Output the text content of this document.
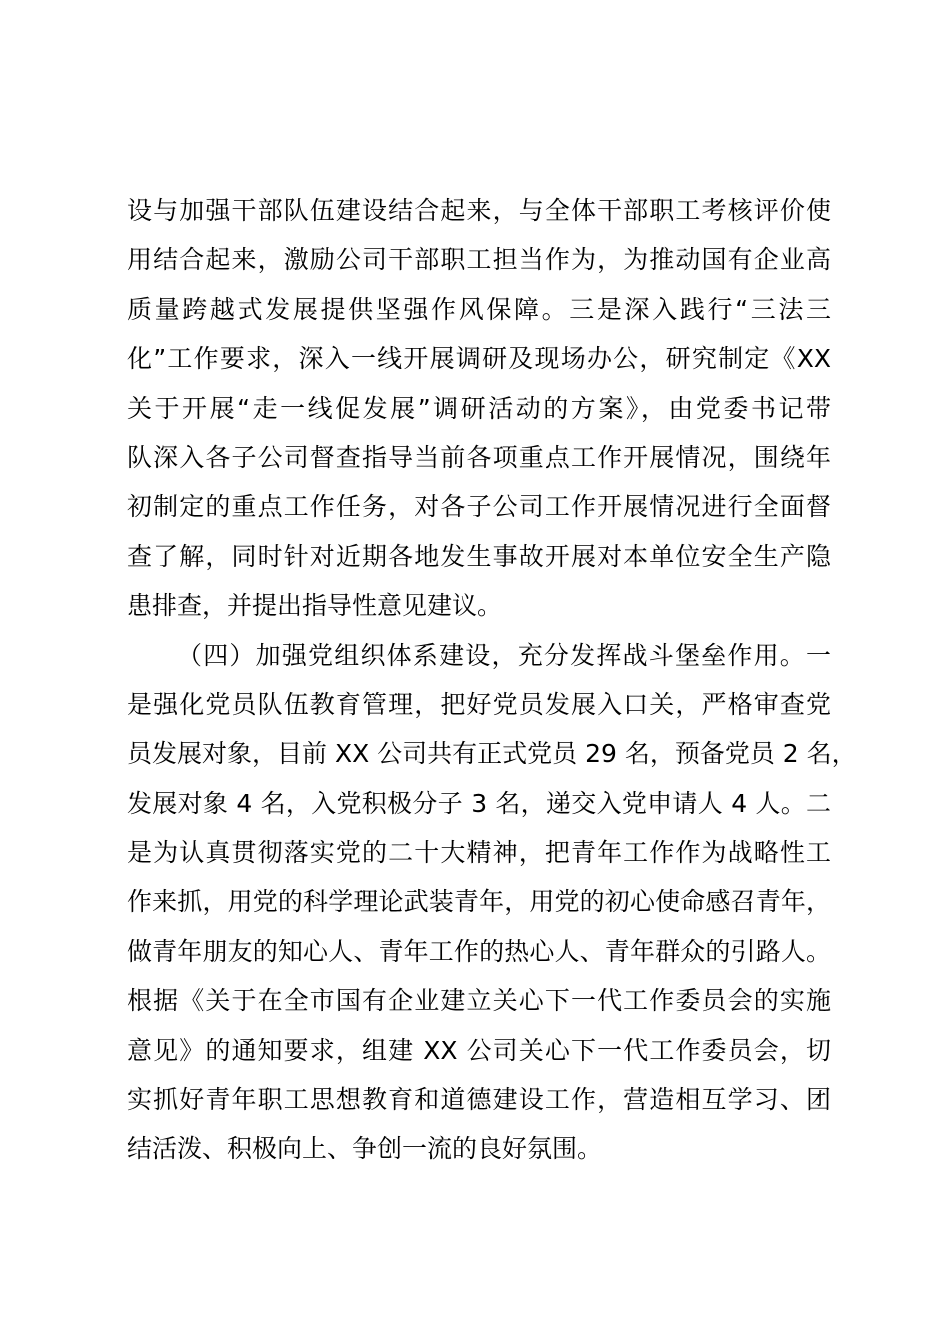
设与加强干部队伍建设结合起来，与全体干部职工考核评价使
用结合起来，激励公司干部职工担当作为，为推动国有企业高
质量跨越式发展提供坚强作风保障。三是深入践行“三法三
化”工作要求，深入一线开展调研及现场办公，研究制定《XX
关于开展“走一线促发展”调研活动的方案》，由党委书记带
队深入各子公司督查指导当前各项重点工作开展情况，围绕年
初制定的重点工作任务，对各子公司工作开展情况进行全面督
查了解，同时针对近期各地发生事故开展对本单位安全生产隐
患排查，并提出指导性意见建议。
（四）加强党组织体系建设，充分发挥战斗堡垒作用。一
是强化党员队伍教育管理，把好党员发展入口关，严格审查党
员发展对象，目前 XX 公司共有正式党员 29 名，预备党员 2 名，
发展对象 4 名，入党积极分子 3 名，递交入党申请人 4 人。二
是为认真贯彻落实党的二十大精神，把青年工作作为战略性工
作来抓，用党的科学理论武装青年，用党的初心使命感召青年，
做青年朋友的知心人、青年工作的热心人、青年群众的引路人。
根据《关于在全市国有企业建立关心下一代工作委员会的实施
意见》的通知要求，组建 XX 公司关心下一代工作委员会，切
实抓好青年职工思想教育和道德建设工作，营造相互学习、团
结活泼、积极向上、争创一流的良好氛围。
